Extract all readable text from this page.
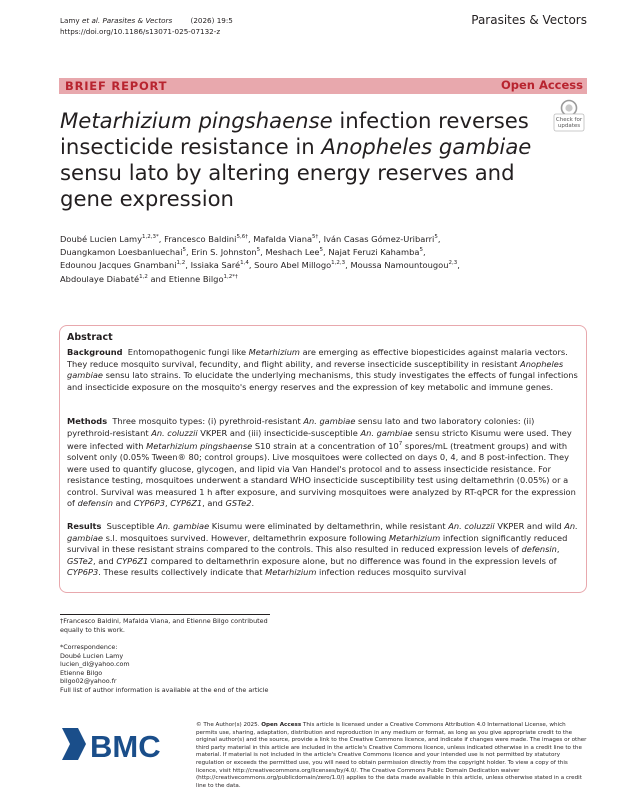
Lamy et al. Parasites & Vectors	(2026) 19:5
https://doi.org/10.1186/s13071-025-07132-z
Parasites & Vectors
BRIEF REPORT	Open Access
Check for
updates
Metarhizium pingshaense infection reverses insecticide resistance in Anopheles gambiae sensu lato by altering energy reserves and gene expression
Doubé Lucien Lamy$^{1,2,3*}$, Francesco Baldini$^{5,6\dagger}$, Mafalda Viana$^{5\dagger}$, Iván Casas Gómez‑Uribarri$^5$,
Duangkamon Loesbanluechai$^5$, Erin S. Johnston$^5$, Meshach Lee$^5$, Najat Feruzi Kahamba$^5$,
Edounou Jacques Gnambani$^{1,2}$, Issiaka Saré$^{1,4}$, Souro Abel Millogo$^{1,2,3}$, Moussa Namountougou$^{2,3}$,
Abdoulaye Diabaté$^{1,2}$ and Etienne Bilgo$^{1,2*\dagger}$
Abstract
Background  Entomopathogenic fungi like Metarhizium are emerging as effective biopesticides against malaria vectors. They reduce mosquito survival, fecundity, and flight ability, and reverse insecticide susceptibility in resistant Anopheles gambiae sensu lato strains. To elucidate the underlying mechanisms, this study investigates the effects of fungal infections and insecticide exposure on the mosquito's energy reserves and the expression of key metabolic and immune genes.
Methods  Three mosquito types: (i) pyrethroid-resistant An. gambiae sensu lato and two laboratory colonies: (ii) pyrethroid-resistant An. coluzzii VKPER and (iii) insecticide-susceptible An. gambiae sensu stricto Kisumu were used. They were infected with Metarhizium pingshaense S10 strain at a concentration of $10^7$ spores/mL (treatment groups) and with solvent only (0.05% Tween® 80; control groups). Live mosquitoes were collected on days 0, 4, and 8 post-infection. They were used to quantify glucose, glycogen, and lipid via Van Handel's protocol and to assess insecticide resistance. For resistance testing, mosquitoes underwent a standard WHO insecticide susceptibility test using deltamethrin (0.05%) or a control. Survival was measured 1 h after exposure, and surviving mosquitoes were analyzed by RT-qPCR for the expression of defensin and CYP6P3, CYP6Z1, and GSTe2.
Results  Susceptible An. gambiae Kisumu were eliminated by deltamethrin, while resistant An. coluzzii VKPER and wild An. gambiae s.l. mosquitoes survived. However, deltamethrin exposure following Metarhizium infection significantly reduced survival in these resistant strains compared to the controls. This also resulted in reduced expression levels of defensin, GSTe2, and CYP6Z1 compared to deltamethrin exposure alone, but no difference was found in the expression levels of CYP6P3. These results collectively indicate that Metarhizium infection reduces mosquito survival
†Francesco Baldini, Mafalda Viana, and Etienne Bilgo contributed equally to this work.
*Correspondence:
Doubé Lucien Lamy
lucien_dl@yahoo.com
Etienne Bilgo
bilgo02@yahoo.fr
Full list of author information is available at the end of the article
BMC
© The Author(s) 2025. Open Access This article is licensed under a Creative Commons Attribution 4.0 International License, which permits use, sharing, adaptation, distribution and reproduction in any medium or format, as long as you give appropriate credit to the original author(s) and the source, provide a link to the Creative Commons licence, and indicate if changes were made. The images or other third party material in this article are included in the article's Creative Commons licence, unless indicated otherwise in a credit line to the material. If material is not included in the article's Creative Commons licence and your intended use is not permitted by statutory regulation or exceeds the permitted use, you will need to obtain permission directly from the copyright holder. To view a copy of this licence, visit http://creativecommons.org/licenses/by/4.0/. The Creative Commons Public Domain Dedication waiver (http://creativecommons.org/publicdomain/zero/1.0/) applies to the data made available in this article, unless otherwise stated in a credit line to the data.
